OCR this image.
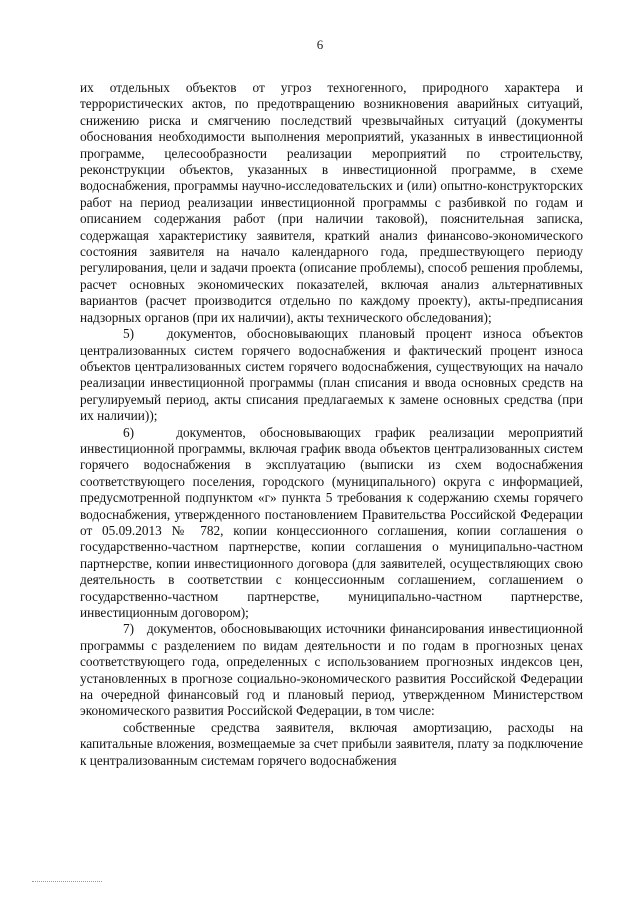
6

их отдельных объектов от угроз техногенного, природного характера и террористических актов, по предотвращению возникновения аварийных ситуаций, снижению риска и смягчению последствий чрезвычайных ситуаций (документы обоснования необходимости выполнения мероприятий, указанных в инвестиционной программе, целесообразности реализации мероприятий по строительству, реконструкции объектов, указанных в инвестиционной программе, в схеме водоснабжения, программы научно-исследовательских и (или) опытно-конструкторских работ на период реализации инвестиционной программы с разбивкой по годам и описанием содержания работ (при наличии таковой), пояснительная записка, содержащая характеристику заявителя, краткий анализ финансово-экономического состояния заявителя на начало календарного года, предшествующего периоду регулирования, цели и задачи проекта (описание проблемы), способ решения проблемы, расчет основных экономических показателей, включая анализ альтернативных вариантов (расчет производится отдельно по каждому проекту), акты-предписания надзорных органов (при их наличии), акты технического обследования);

5)   документов, обосновывающих плановый процент износа объектов централизованных систем горячего водоснабжения и фактический процент износа объектов централизованных систем горячего водоснабжения, существующих на начало реализации инвестиционной программы (план списания и ввода основных средств на регулируемый период, акты списания предлагаемых к замене основных средства (при их наличии));

6)   документов, обосновывающих график реализации мероприятий инвестиционной программы, включая график ввода объектов централизованных систем горячего водоснабжения в эксплуатацию (выписки из схем водоснабжения соответствующего поселения, городского (муниципального) округа с информацией, предусмотренной подпунктом «г» пункта 5 требования к содержанию схемы горячего водоснабжения, утвержденного постановлением Правительства Российской Федерации от 05.09.2013 № 782, копии концессионного соглашения, копии соглашения о государственно-частном партнерстве, копии соглашения о муниципально-частном партнерстве, копии инвестиционного договора (для заявителей, осуществляющих свою деятельность в соответствии с концессионным соглашением, соглашением о государственно-частном партнерстве, муниципально-частном партнерстве, инвестиционным договором);

7)   документов, обосновывающих источники финансирования инвестиционной программы с разделением по видам деятельности и по годам в прогнозных ценах соответствующего года, определенных с использованием прогнозных индексов цен, установленных в прогнозе социально-экономического развития Российской Федерации на очередной финансовый год и плановый период, утвержденном Министерством экономического развития Российской Федерации, в том числе:

собственные средства заявителя, включая амортизацию, расходы на капитальные вложения, возмещаемые за счет прибыли заявителя, плату за подключение к централизованным системам горячего водоснабжения
